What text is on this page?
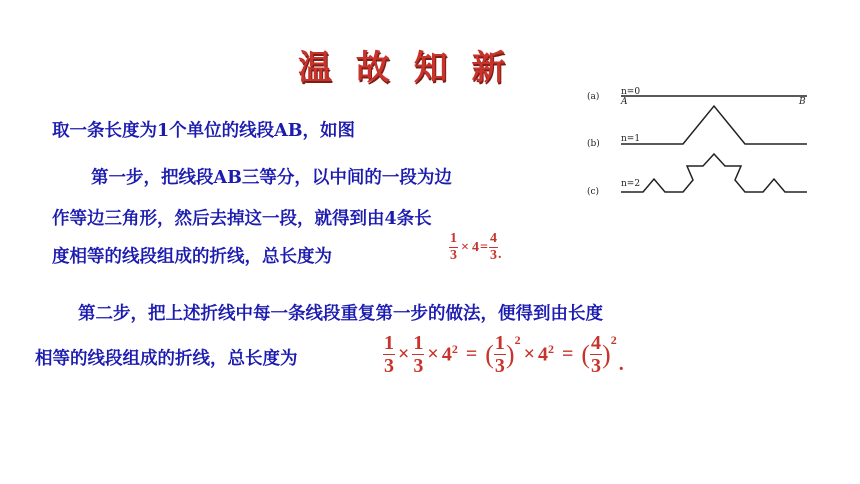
温 故 知 新
取一条长度为1个单位的线段AB，如图
第一步，把线段AB三等分，以中间的一段为边
作等边三角形，然后去掉这一段，就得到由4条长
度相等的线段组成的折线，总长度为	$\frac{1}{3} \times 4= \frac{4}{3}$ .
第二步，把上述折线中每一条线段重复第一步的做法，便得到由长度
相等的线段组成的折线，总长度为	$\frac{1}{3} \times \frac{1}{3} \times 4^2$ = ( $\frac{1}{3} )^2\times 4^2$ = ( $\frac{4}{3} )^2$.
(a) n=0
A	B
(b) n=1
(c)
n=2
